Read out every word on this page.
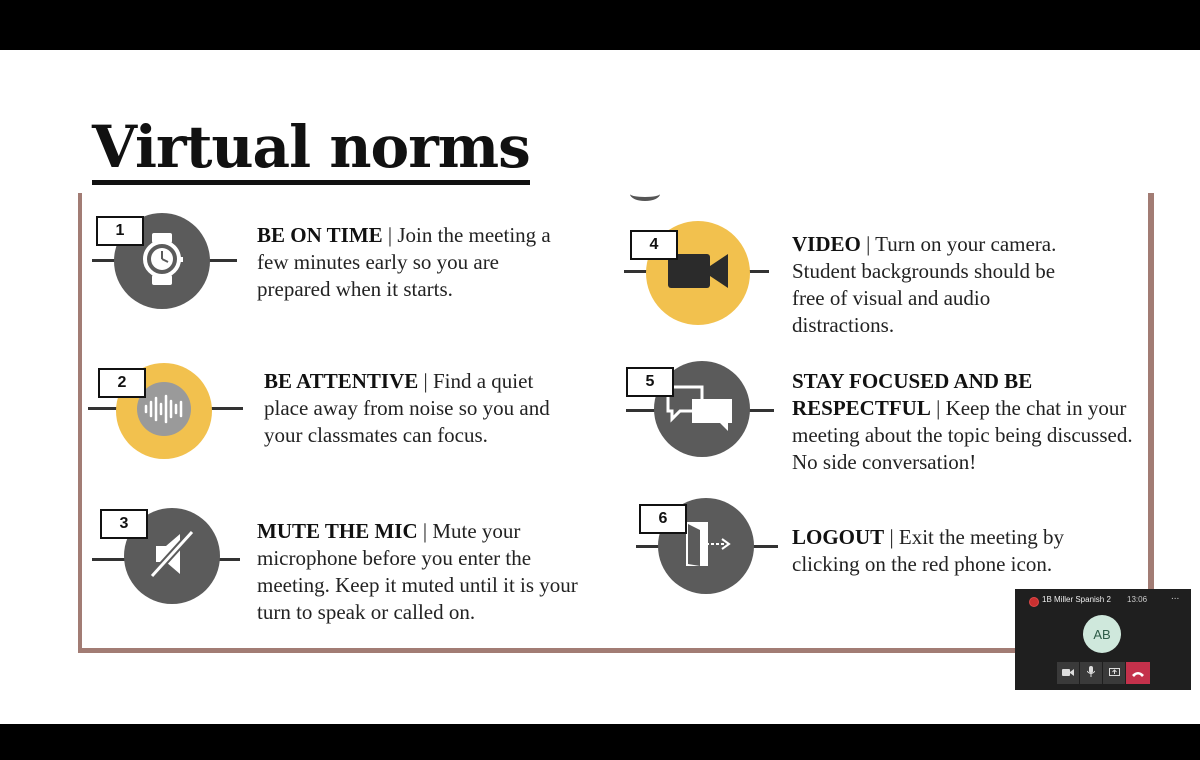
Virtual norms
1	BE ON TIME | Join the meeting a few minutes early so you are prepared when it starts.
2	BE ATTENTIVE | Find a quiet place away from noise so you and your classmates can focus.
3	MUTE THE MIC | Mute your microphone before you enter the meeting. Keep it muted until it is your turn to speak or called on.
4	VIDEO | Turn on your camera. Student backgrounds should be free of visual and audio distractions.
5	STAY FOCUSED AND BE RESPECTFUL | Keep the chat in your meeting about the topic being discussed. No side conversation!
6
LOGOUT | Exit the meeting by clicking on the red phone icon.
1B Miller Spanish 2 13:06 ...
AB
